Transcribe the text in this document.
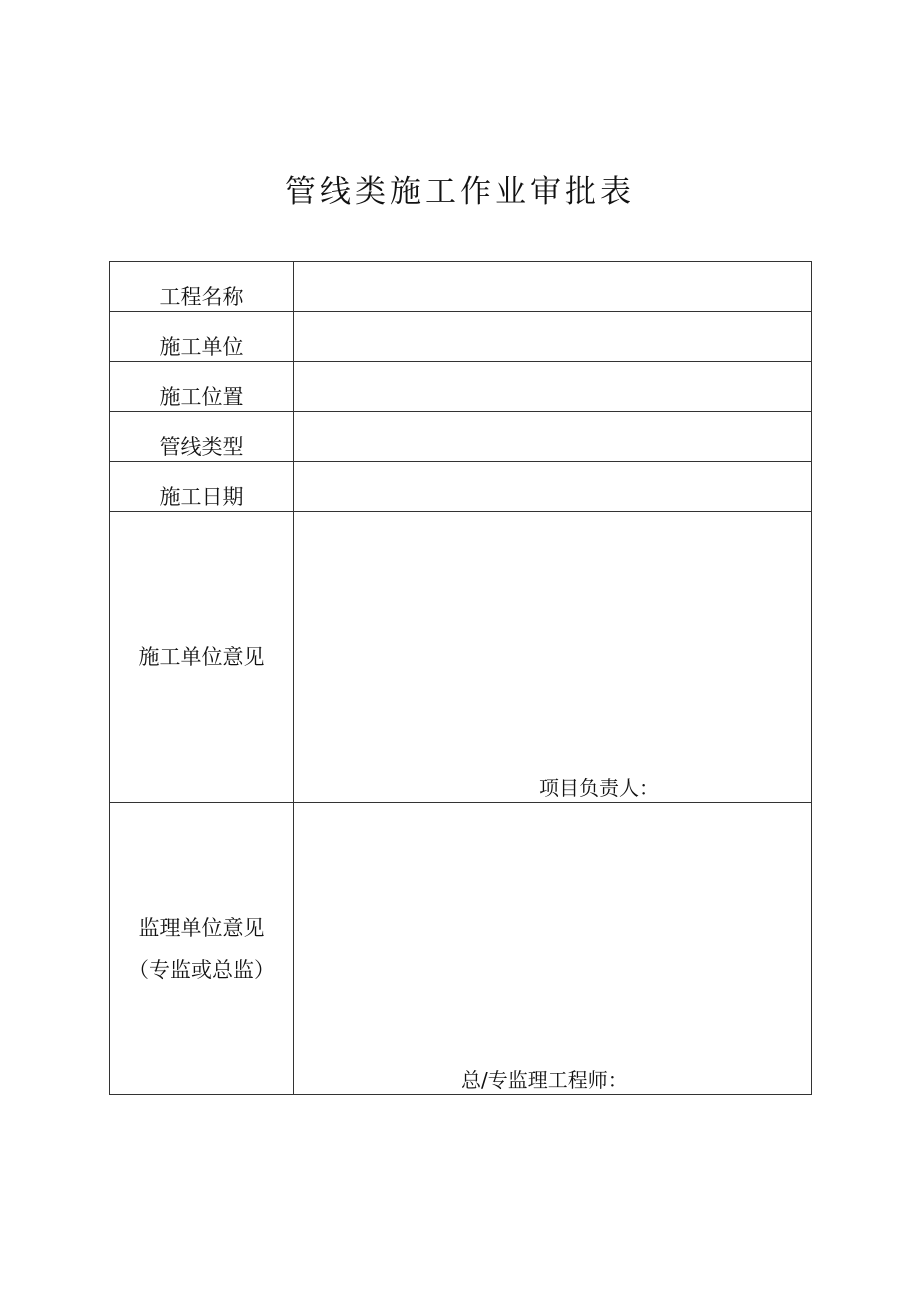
管线类施工作业审批表
工程名称	
施工单位	
施工位置	
管线类型	
施工日期	
施工单位意见	项目负责人：

监理单位意见
（专监或总监）	总/专监理工程师：
